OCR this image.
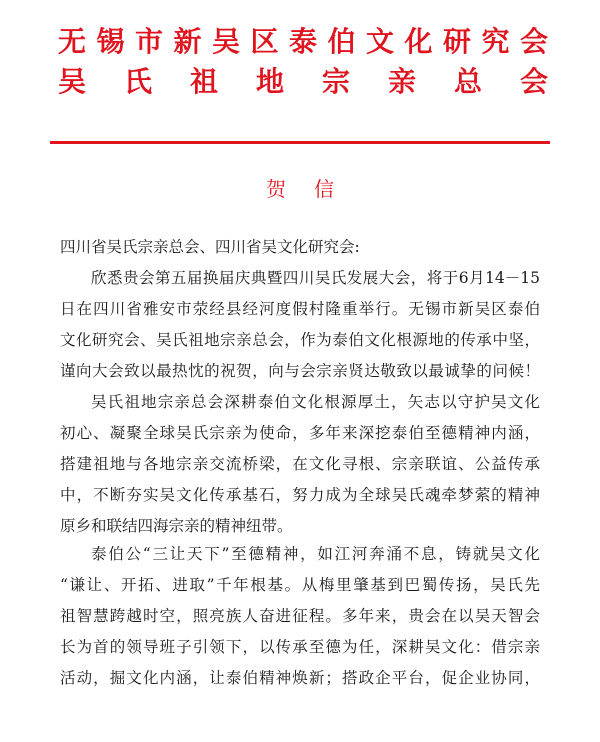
无锡市新吴区泰伯文化研究会
吴氏祖地宗亲总会
贺信
四川省吴氏宗亲总会、四川省吴文化研究会:
欣悉贵会第五届换届庆典暨四川吴氏发展大会，将于6月14－15
日在四川省雅安市荥经县经河度假村隆重举行。无锡市新吴区泰伯
文化研究会、吴氏祖地宗亲总会，作为泰伯文化根源地的传承中坚，
谨向大会致以最热忱的祝贺，向与会宗亲贤达敬致以最诚挚的问候！
吴氏祖地宗亲总会深耕泰伯文化根源厚土，矢志以守护吴文化
初心、凝聚全球吴氏宗亲为使命，多年来深挖泰伯至德精神内涵，
搭建祖地与各地宗亲交流桥梁，在文化寻根、宗亲联谊、公益传承
中，不断夯实吴文化传承基石，努力成为全球吴氏魂牵梦萦的精神
原乡和联结四海宗亲的精神纽带。
泰伯公“三让天下”至德精神，如江河奔涌不息，铸就吴文化
“谦让、开拓、进取”千年根基。从梅里肇基到巴蜀传扬，吴氏先
祖智慧跨越时空，照亮族人奋进征程。多年来，贵会在以吴天智会
长为首的领导班子引领下，以传承至德为任，深耕吴文化：借宗亲
活动，掘文化内涵，让泰伯精神焕新；搭政企平台，促企业协同，
